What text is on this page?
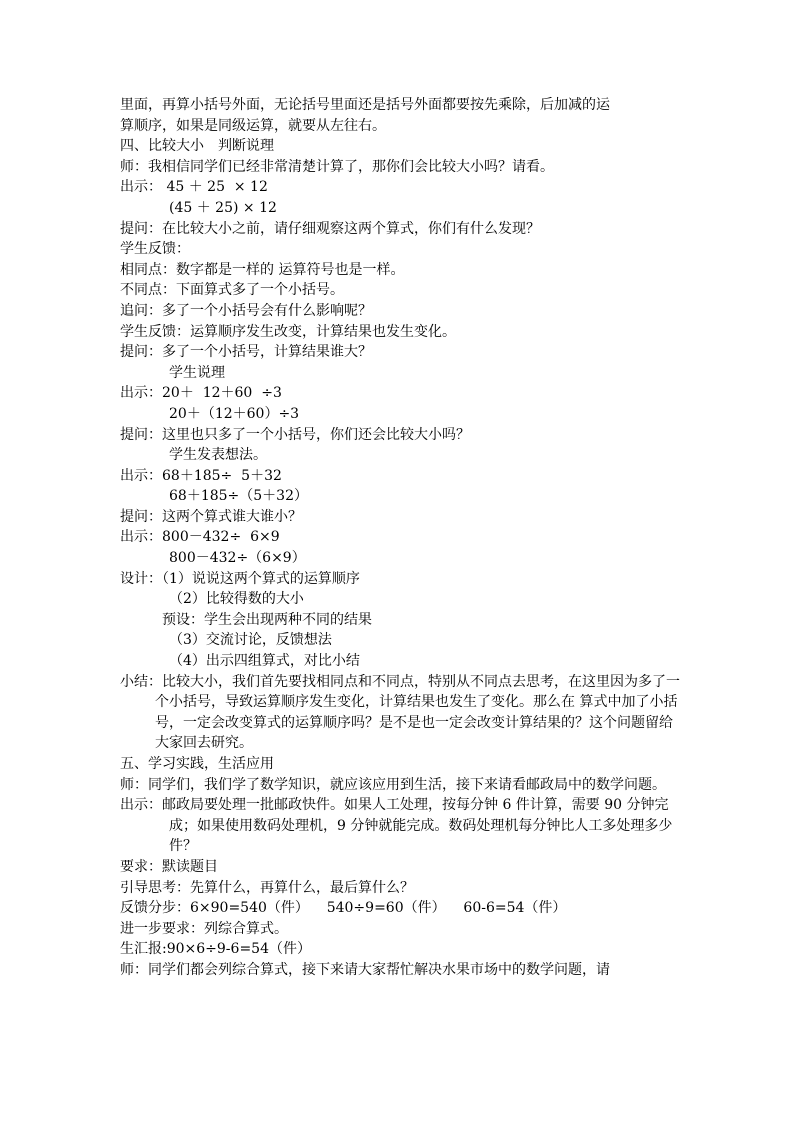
里面，再算小括号外面，无论括号里面还是括号外面都要按先乘除，后加减的运
算顺序，如果是同级运算，就要从左往右。
四、比较大小　判断说理
师：我相信同学们已经非常清楚计算了，那你们会比较大小吗？请看。
出示： 45 ＋ 25  × 12
(45 ＋ 25) × 12
提问：在比较大小之前，请仔细观察这两个算式，你们有什么发现？
学生反馈：
相同点：数字都是一样的 运算符号也是一样。
不同点：下面算式多了一个小括号。
追问：多了一个小括号会有什么影响呢？
学生反馈：运算顺序发生改变，计算结果也发生变化。
提问：多了一个小括号，计算结果谁大？
学生说理
出示：20＋  12＋60  ÷3
20＋（12＋60）÷3
提问：这里也只多了一个小括号，你们还会比较大小吗？
学生发表想法。
出示：68＋185÷  5＋32
68＋185÷（5＋32）
提问：这两个算式谁大谁小？
出示：800－432÷  6×9
800－432÷（6×9）
设计：（1）说说这两个算式的运算顺序
（2）比较得数的大小
预设：学生会出现两种不同的结果
（3）交流讨论，反馈想法
（4）出示四组算式，对比小结
小结：比较大小，我们首先要找相同点和不同点，特别从不同点去思考，在这里因为多了一个小括号，导致运算顺序发生变化，计算结果也发生了变化。那么在 算式中加了小括号，一定会改变算式的运算顺序吗？是不是也一定会改变计算结果的？这个问题留给大家回去研究。
五、学习实践，生活应用
师：同学们，我们学了数学知识，就应该应用到生活，接下来请看邮政局中的数学问题。
出示：邮政局要处理一批邮政快件。如果人工处理，按每分钟 6 件计算，需要 90 分钟完成；如果使用数码处理机，9 分钟就能完成。数码处理机每分钟比人工多处理多少件？
要求：默读题目
引导思考：先算什么，再算什么，最后算什么？
反馈分步：6×90=540（件）    540÷9=60（件）    60-6=54（件）
进一步要求：列综合算式。
生汇报:90×6÷9-6=54（件）
师：同学们都会列综合算式，接下来请大家帮忙解决水果市场中的数学问题，请
